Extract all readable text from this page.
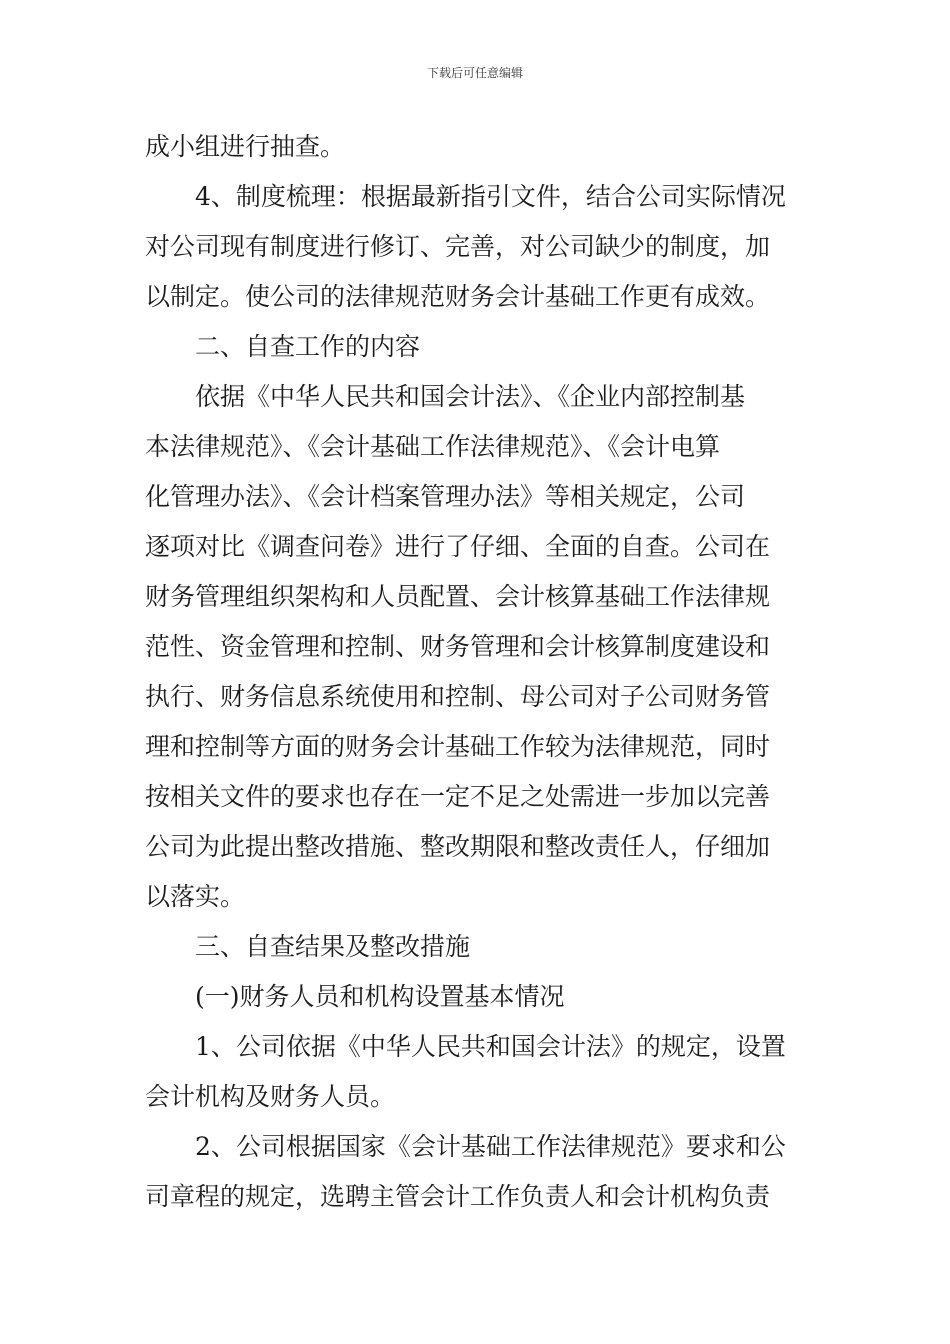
下载后可任意编辑
成小组进行抽查。
4、制度梳理：根据最新指引文件，结合公司实际情况
对公司现有制度进行修订、完善，对公司缺少的制度，加
以制定。使公司的法律规范财务会计基础工作更有成效。
二、自查工作的内容
依据《中华人民共和国会计法》、《企业内部控制基
本法律规范》、《会计基础工作法律规范》、《会计电算
化管理办法》、《会计档案管理办法》等相关规定，公司
逐项对比《调查问卷》进行了仔细、全面的自查。公司在
财务管理组织架构和人员配置、会计核算基础工作法律规
范性、资金管理和控制、财务管理和会计核算制度建设和
执行、财务信息系统使用和控制、母公司对子公司财务管
理和控制等方面的财务会计基础工作较为法律规范，同时
按相关文件的要求也存在一定不足之处需进一步加以完善
公司为此提出整改措施、整改期限和整改责任人，仔细加
以落实。
三、自查结果及整改措施
(一)财务人员和机构设置基本情况
1、公司依据《中华人民共和国会计法》的规定，设置
会计机构及财务人员。
2、公司根据国家《会计基础工作法律规范》要求和公
司章程的规定，选聘主管会计工作负责人和会计机构负责
